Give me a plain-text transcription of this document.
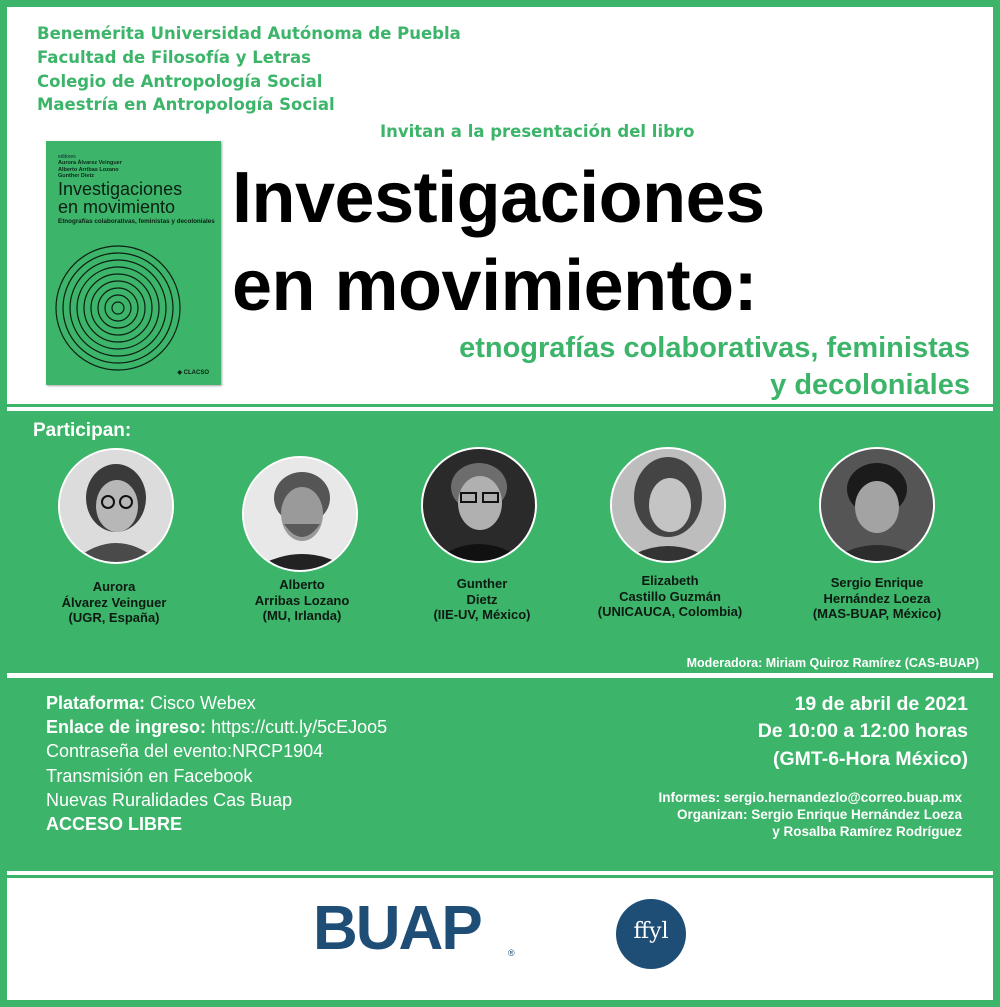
Benemérita Universidad Autónoma de Puebla
Facultad de Filosofía y Letras
Colegio de Antropología Social
Maestría en Antropología Social
Invitan a la presentación del libro
editores
Aurora Álvarez Veinguer
Alberto Arribas Lozano
Gunther Dietz
Investigaciones
en movimiento
Etnografías colaborativas, feministas y decoloniales
◆ CLACSO
Investigaciones
en movimiento:
etnografías colaborativas, feministas
y decoloniales
Participan:
Aurora
Álvarez Veinguer
(UGR, España)
Alberto
Arribas Lozano
(MU, Irlanda)
Gunther
Dietz
(IIE-UV, México)
Elizabeth
Castillo Guzmán
(UNICAUCA, Colombia)
Sergio Enrique
Hernández Loeza
(MAS-BUAP, México)
Moderadora: Miriam Quiroz Ramírez (CAS-BUAP)
Plataforma: Cisco Webex
Enlace de ingreso: https://cutt.ly/5cEJoo5
Contraseña del evento:NRCP1904
Transmisión en Facebook
Nuevas Ruralidades Cas Buap
ACCESO LIBRE
19 de abril de 2021
De 10:00 a 12:00 horas
(GMT-6-Hora México)
Informes: sergio.hernandezlo@correo.buap.mx
Organizan: Sergio Enrique Hernández Loeza
y Rosalba Ramírez Rodríguez
BUAP	®
ffyl
